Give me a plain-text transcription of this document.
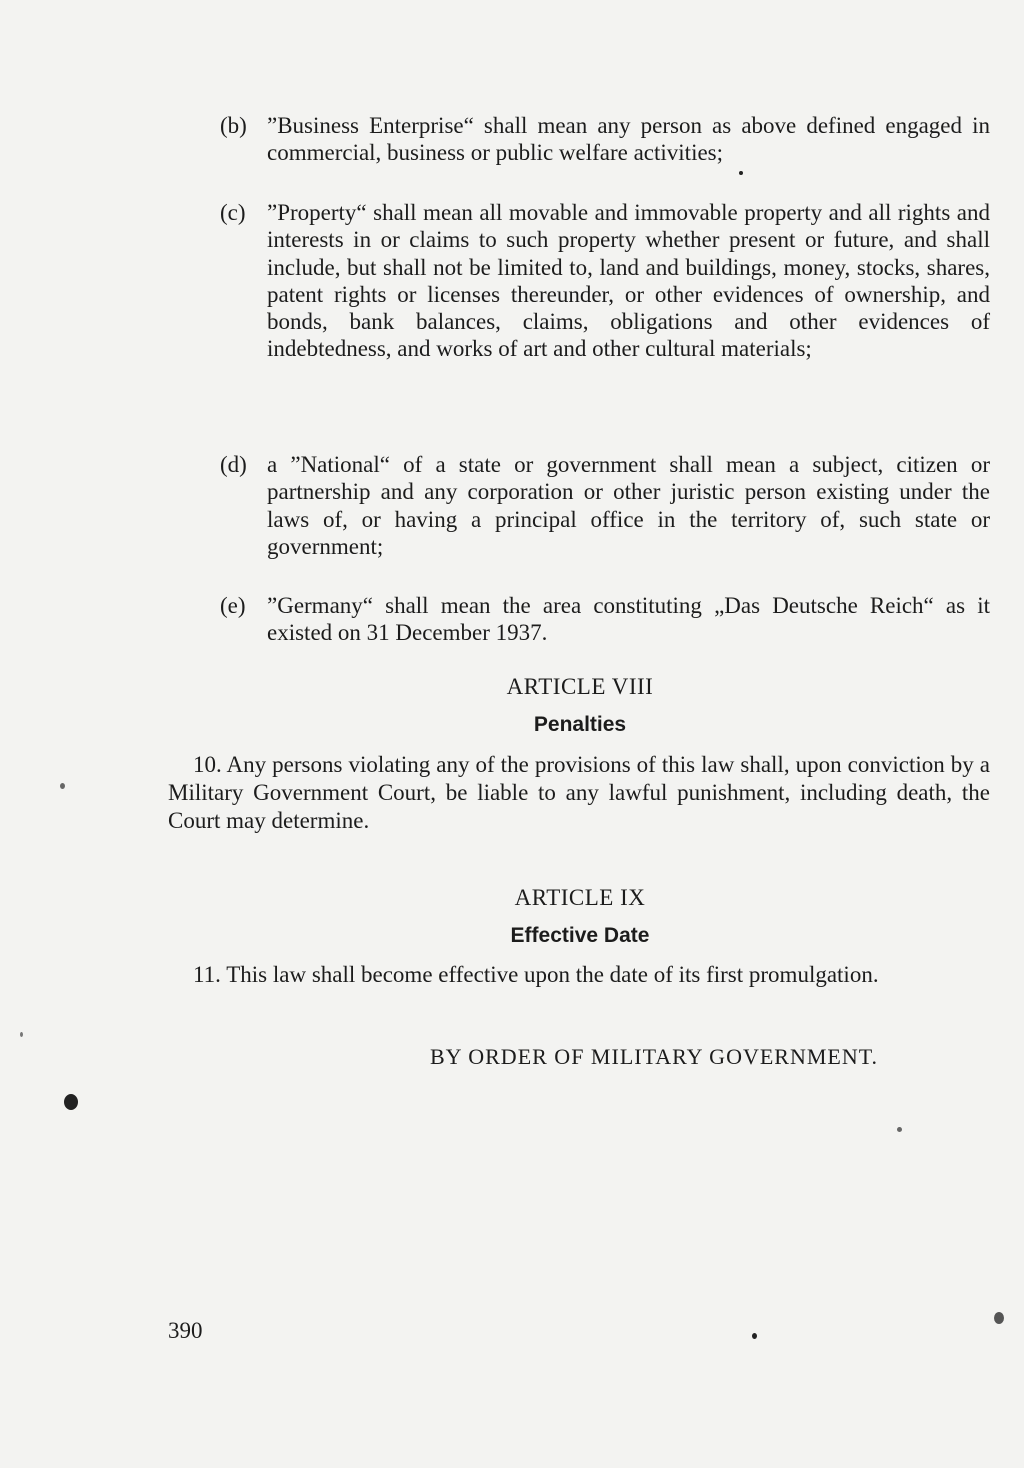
(b) ”Business Enterprise“ shall mean any person as above defined engaged in commercial, business or public welfare activities;
(c) ”Property“ shall mean all movable and immovable property and all rights and interests in or claims to such property whether present or future, and shall include, but shall not be limited to, land and buildings, money, stocks, shares, patent rights or licenses thereunder, or other evidences of ownership, and bonds, bank balances, claims, obligations and other evidences of indebtedness, and works of art and other cultural materials;
(d) a ”National“ of a state or government shall mean a subject, citizen or partnership and any corporation or other juristic person existing under the laws of, or having a principal office in the territory of, such state or government;
(e) ”Germany“ shall mean the area constituting „Das Deutsche Reich“ as it existed on 31 December 1937.
ARTICLE VIII
Penalties
10. Any persons violating any of the provisions of this law shall, upon conviction by a Military Government Court, be liable to any lawful punishment, including death, the Court may determine.
ARTICLE IX
Effective Date
11. This law shall become effective upon the date of its first promulgation.
BY ORDER OF MILITARY GOVERNMENT.
390
